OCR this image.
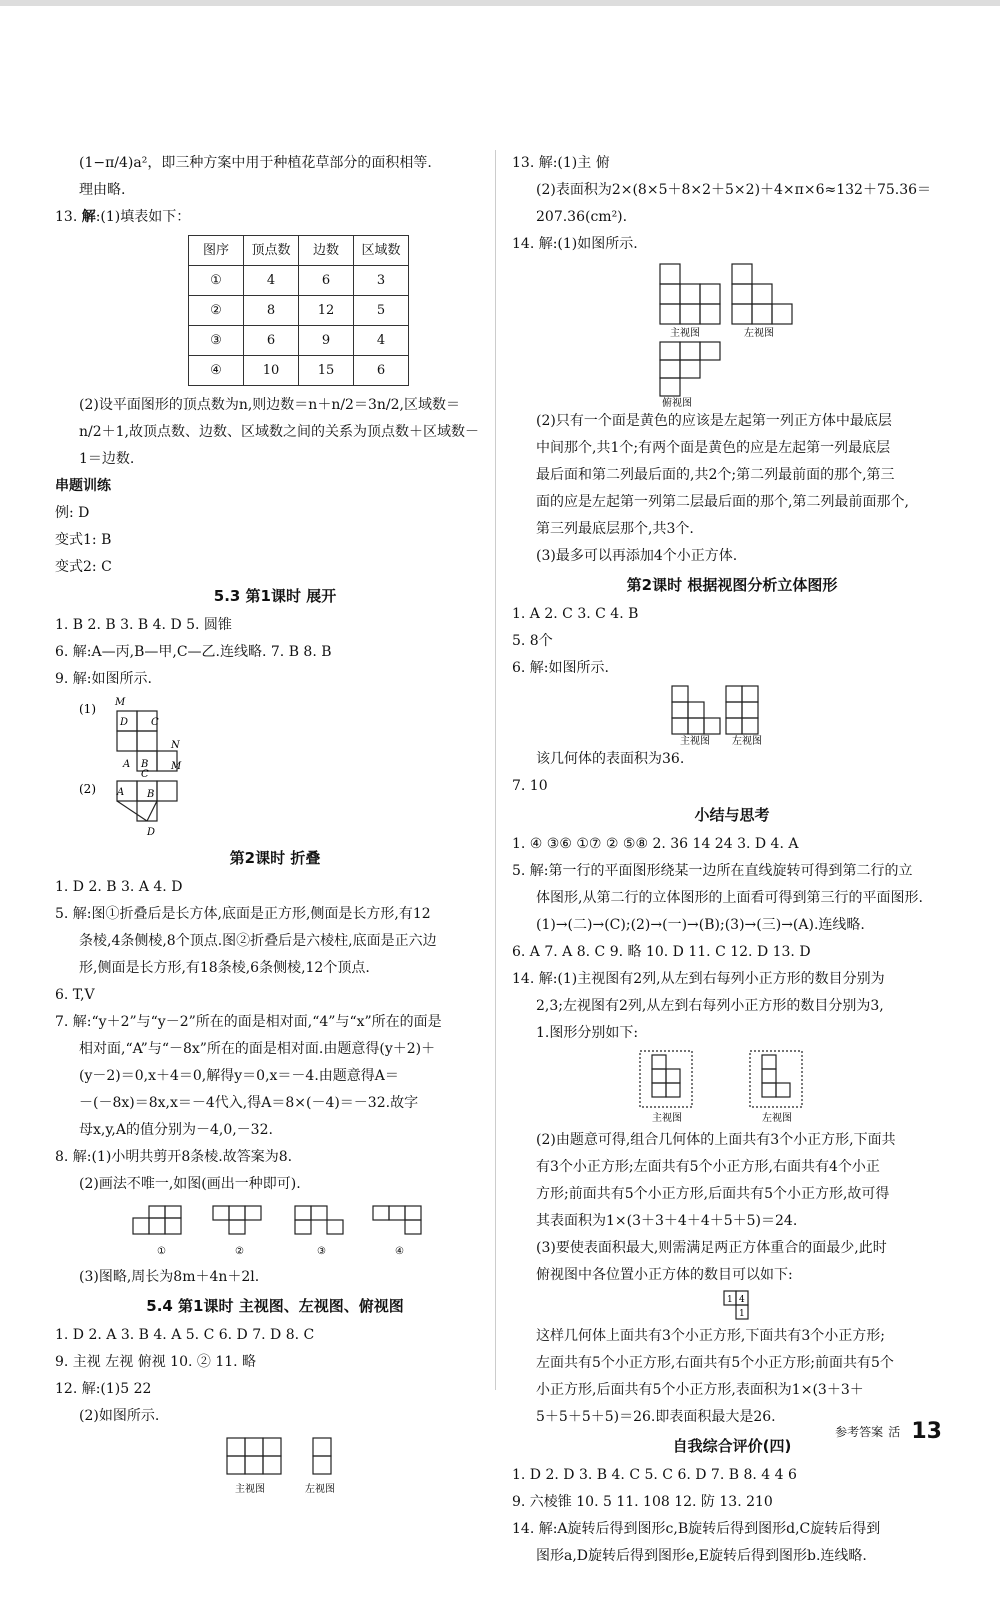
(1−π/4)a²，即三种方案中用于种植花草部分的面积相等.
理由略.
13. 解:(1)填表如下：
图序	顶点数	边数	区域数
①	4	6	3
②	8	12	5
③	6	9	4
④	10	15	6
(2)设平面图形的顶点数为n,则边数＝n＋n/2＝3n/2,区域数＝
n/2＋1,故顶点数、边数、区域数之间的关系为顶点数＋区域数－
1＝边数.
串题训练
例: D
变式1: B
变式2: C
5.3 第1课时 展开
1. B 2. B 3. B 4. D 5. 圆锥
6. 解:A—丙,B—甲,C—乙.连线略. 7. B 8. B
9. 解:如图所示.
(1) M
D C
A B
N
M
(2)
C
A B
D
第2课时 折叠
1. D 2. B 3. A 4. D
5. 解:图①折叠后是长方体,底面是正方形,侧面是长方形,有12
条棱,4条侧棱,8个顶点.图②折叠后是六棱柱,底面是正六边
形,侧面是长方形,有18条棱,6条侧棱,12个顶点.
6. T,V
7. 解:“y＋2”与“y－2”所在的面是相对面,“4”与“x”所在的面是
相对面,“A”与“－8x”所在的面是相对面.由题意得(y＋2)＋
(y－2)＝0,x＋4＝0,解得y＝0,x＝－4.由题意得A＝
－(－8x)＝8x,x＝－4代入,得A＝8×(－4)＝－32.故字
母x,y,A的值分别为－4,0,－32.
8. 解:(1)小明共剪开8条棱.故答案为8.
(2)画法不唯一,如图(画出一种即可).
①	②	③	④
(3)图略,周长为8m＋4n＋2l.
5.4 第1课时 主视图、左视图、俯视图
1. D 2. A 3. B 4. A 5. C 6. D 7. D 8. C
9. 主视 左视 俯视 10. ② 11. 略
12. 解:(1)5 22
(2)如图所示.
主视图	左视图
13. 解:(1)主 俯
(2)表面积为2×(8×5＋8×2＋5×2)＋4×π×6≈132＋75.36＝
207.36(cm²).
14. 解:(1)如图所示.
主视图	左视图
俯视图
(2)只有一个面是黄色的应该是左起第一列正方体中最底层
中间那个,共1个;有两个面是黄色的应是左起第一列最底层
最后面和第二列最后面的,共2个;第二列最前面的那个,第三
面的应是左起第一列第二层最后面的那个,第二列最前面那个,
第三列最底层那个,共3个.
(3)最多可以再添加4个小正方体.
第2课时 根据视图分析立体图形
1. A 2. C 3. C 4. B
5. 8个
6. 解:如图所示.
主视图 左视图
该几何体的表面积为36.
7. 10
小结与思考
1. ④ ③⑥ ①⑦ ② ⑤⑧ 2. 36 14 24 3. D 4. A
5. 解:第一行的平面图形绕某一边所在直线旋转可得到第二行的立
体图形,从第二行的立体图形的上面看可得到第三行的平面图形.
(1)→(二)→(C);(2)→(一)→(B);(3)→(三)→(A).连线略.
6. A 7. A 8. C 9. 略 10. D 11. C 12. D 13. D
14. 解:(1)主视图有2列,从左到右每列小正方形的数目分别为
2,3;左视图有2列,从左到右每列小正方形的数目分别为3,
1.图形分别如下:
主视图	左视图
(2)由题意可得,组合几何体的上面共有3个小正方形,下面共
有3个小正方形;左面共有5个小正方形,右面共有4个小正
方形;前面共有5个小正方形,后面共有5个小正方形,故可得
其表面积为1×(3＋3＋4＋4＋5＋5)＝24.
(3)要使表面积最大,则需满足两正方体重合的面最少,此时
俯视图中各位置小正方体的数目可以如下:
1 4
1
这样几何体上面共有3个小正方形,下面共有3个小正方形;
左面共有5个小正方形,右面共有5个小正方形;前面共有5个
小正方形,后面共有5个小正方形,表面积为1×(3＋3＋
5＋5＋5＋5)＝26.即表面积最大是26.
自我综合评价(四)
1. D 2. D 3. B 4. C 5. C 6. D 7. B 8. 4 4 6
9. 六棱锥 10. 5 11. 108 12. 防 13. 210
14. 解:A旋转后得到图形c,B旋转后得到图形d,C旋转后得到
图形a,D旋转后得到图形e,E旋转后得到图形b.连线略.
参考答案 活 13
